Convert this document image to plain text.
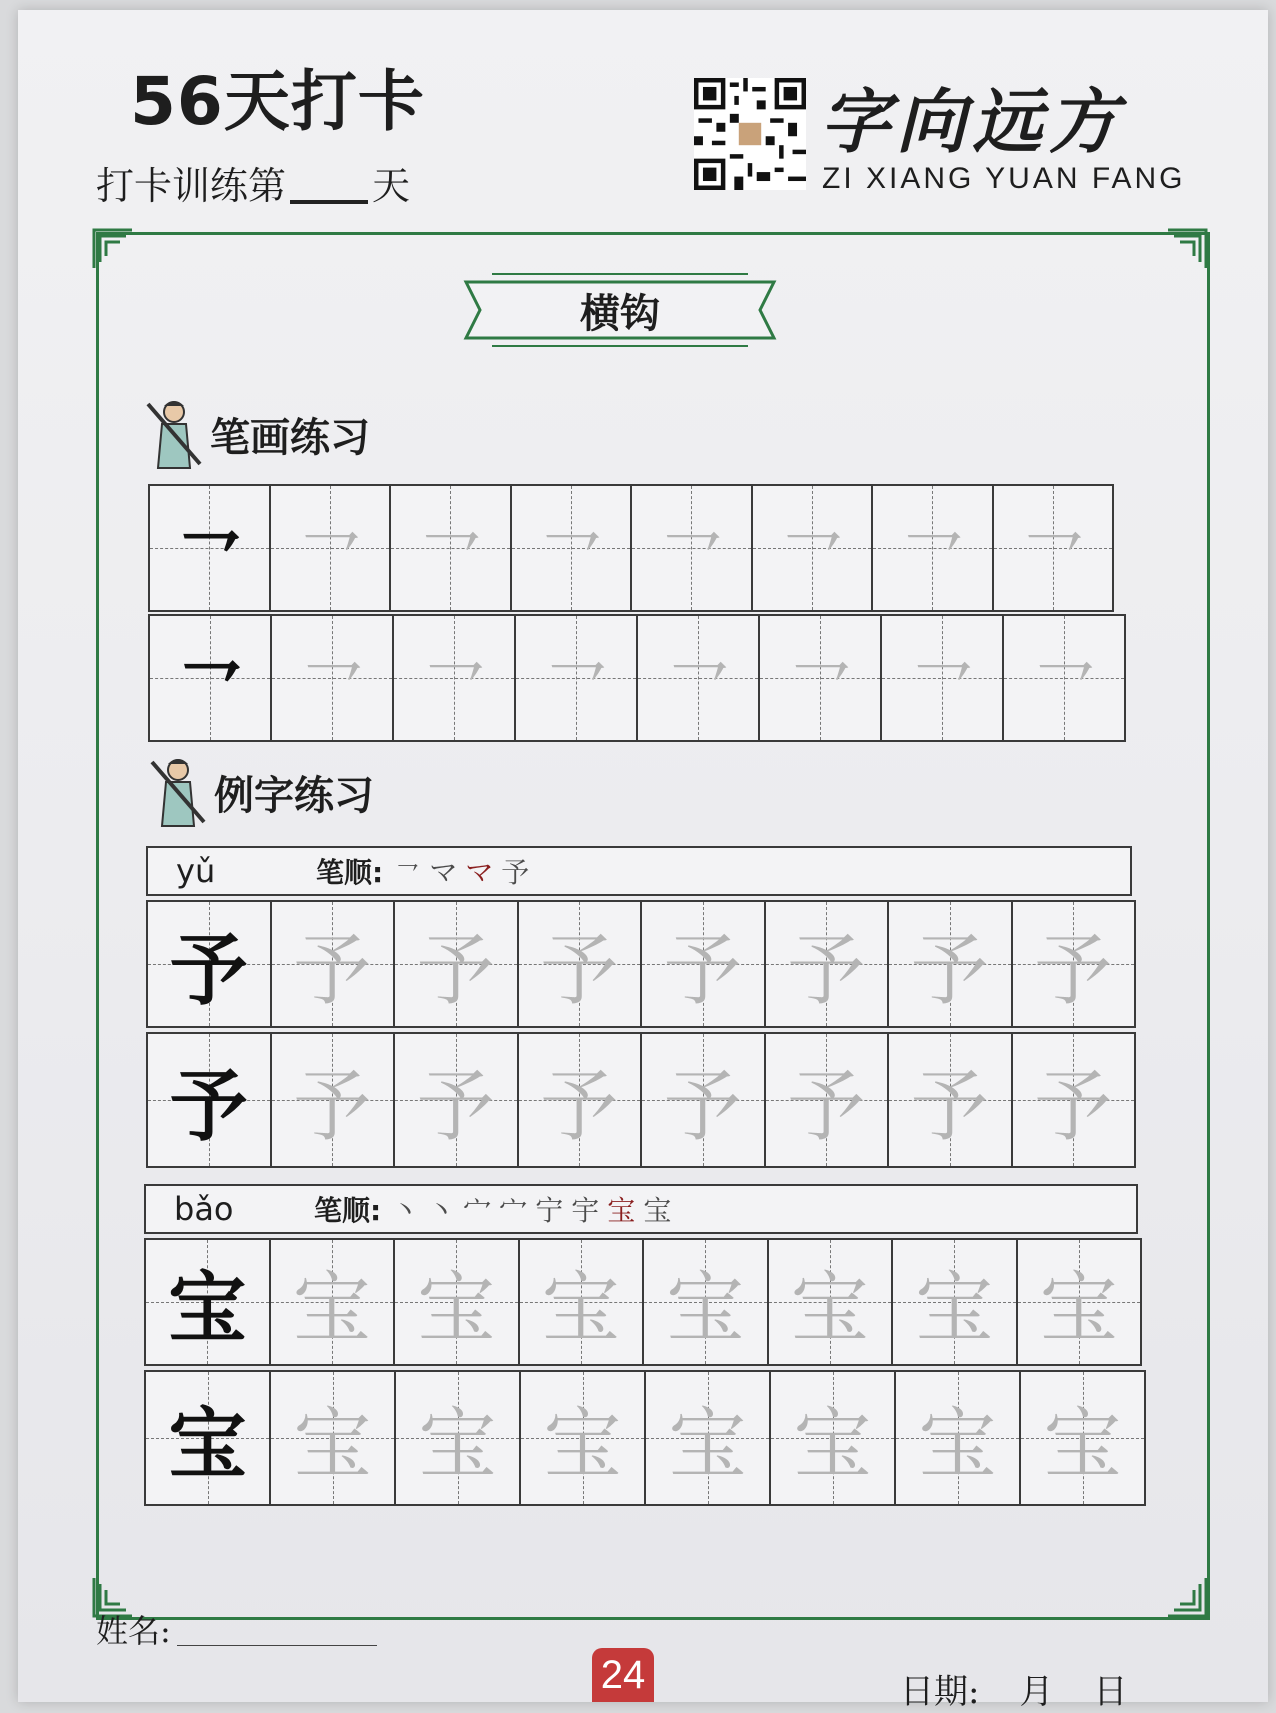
56天打卡
打卡训练第 天
字向远方
ZI XIANG YUAN FANG
横钩
笔画练习
㇖ ㇖ ㇖ ㇖ ㇖ ㇖ ㇖ ㇖
㇖ ㇖ ㇖ ㇖ ㇖ ㇖ ㇖ ㇖
例字练习
yǔ	笔顺: ㇖ マ マ 予
予 予 予 予 予 予 予 予
予 予 予 予 予 予 予 予
bǎo	笔顺: 丶 丶 宀 宀 宁 宇 宝 宝
宝 宝 宝 宝 宝 宝 宝 宝
宝 宝 宝 宝 宝 宝 宝 宝
姓名:
24	日期: 月 日
